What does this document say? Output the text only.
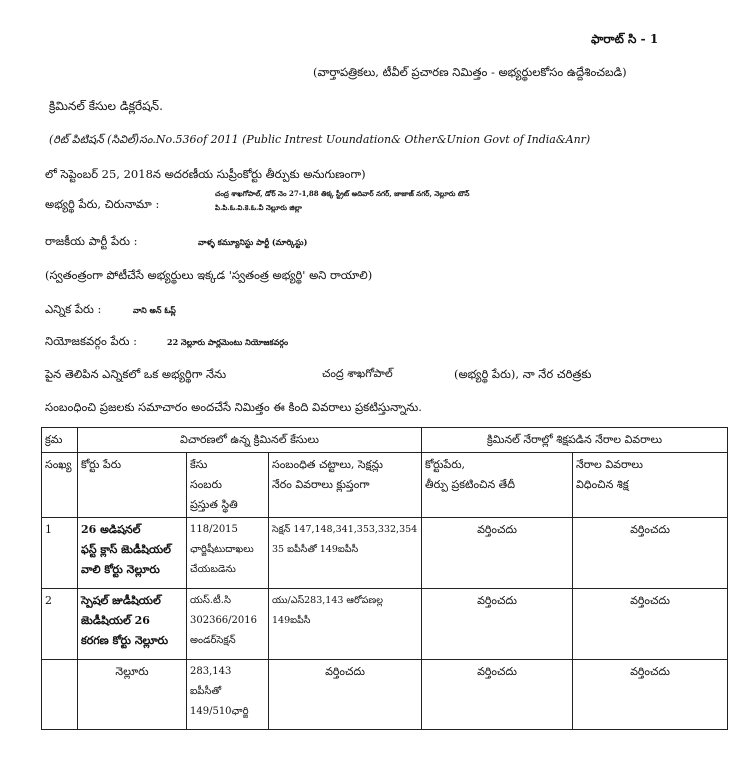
ఫారాట్ సి - 1
(వార్తాపత్రికలు, టీవీల్ ప్రచారణ నిమిత్తం - అభ్యర్థులకోసం ఉద్దేశించబడి)
క్రిమినల్ కేసుల డిక్లరేషన్.
(రిట్ పిటిషన్ (సివిల్)సం.No.536of 2011 (Public Intrest Uoundation& Other&Union Govt of India&Anr)
లో సెప్టెంబర్ 25, 2018న అదరణీయ సుప్రీంకోర్టు తీర్పుకు అనుగుణంగా)
అభ్యర్థి పేరు, చిరునామా :
చంద్ర శాఖగోపాల్, డోర్ నెం 27-1,88 తిక్క స్ట్రీట్ అదివార్ నగర్, జాజాజ్ నగర్, నెల్లూరు టౌన్
పి.పి.ఓ.వి.కె.ఓ.వీ నెల్లూరు జిల్లా
రాజకీయ పార్టీ పేరు :	వాళ్ళ కమ్యూనిస్టు పార్టీ (మార్కిస్టు)
(స్వతంత్రంగా పోటీచేసే అభ్యర్థులు ఇక్కడ 'స్వతంత్ర అభ్యర్థి' అని రాయాలి)
ఎన్నిక పేరు :	వాని అన్ ఓప్ల్
నియోజకవర్గం పేరు :	22 నెల్లూరు పార్లమెంటు నియోజకవర్గం
పైన తెలిపిన ఎన్నికలో ఒక అభ్యర్థిగా నేను	చంద్ర శాఖగోపాల్	(అభ్యర్థి పేరు), నా నేర చరిత్రకు
సంబంధించి ప్రజలకు సమాచారం అందచేసే నిమిత్తం ఈ కింది వివరాలు ప్రకటిస్తున్నాను.
క్రమ	విచారణలో ఉన్న క్రిమినల్ కేసులు			క్రిమినల్ నేరాల్లో శిక్షపడిన నేరాల వివరాలు	
సంఖ్య	కోర్టు పేరు	కేసు
సంబరు
ప్రస్తుత స్థితి	సంబంధిత చట్టాలు, సెక్షన్లు
నేరం వివరాలు క్లుప్తంగా	కోర్టుపేరు,
తీర్పు ప్రకటించిన తేదీ	నేరాల వివరాలు
విధించిన శిక్ష

1	26 అడిషనల్
ఫస్ట్ క్లాస్ జెుడీషియల్
వాలి కోర్టు నెల్లూరు	118/2015
ఛార్జిషీటుదాఖలు
చేయబడెను	సెక్షన్ 147,148,341,353,332,354
35 ఐపీసీతో 149ఐపీసీ	వర్తించదు	వర్తించదు
2	స్పెషల్ జుడీషియల్
జెుడీషియల్ 26
కరగణ కోర్టు నెల్లూరు	యస్.టీ.సి
302366/2016
అండర్‌సెక్షన్	యు/ఎస్283,143 ఆరోపణల్ల
149ఐపీసీ	వర్తించదు	వర్తించదు
	నెల్లూరు	283,143 ఐపీసీతో
149/510ఛార్జి	వర్తించదు	వర్తించదు	వర్తించదు
